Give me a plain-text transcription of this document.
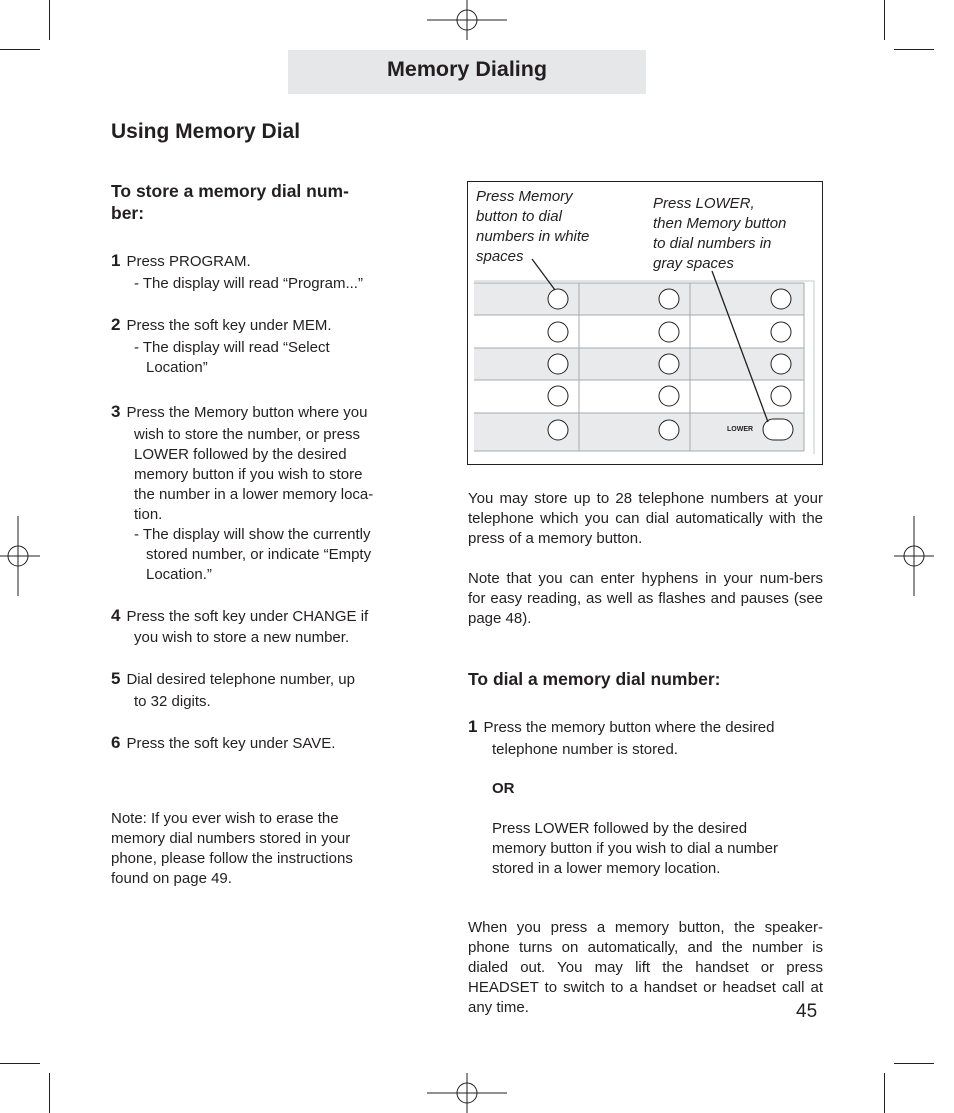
Memory Dialing
Using Memory Dial
To store a memory dial num-
ber:
1 Press PROGRAM.
- The display will read “Program...”
2 Press the soft key under MEM.
- The display will read “Select
Location”
3 Press the Memory button where you
wish to store the number, or press
LOWER followed by the desired
memory button if you wish to store
the number in a lower memory loca-
tion.
- The display will show the currently
stored number, or indicate “Empty
Location.”
4 Press the soft key under CHANGE if
you wish to store a new number.
5 Dial desired telephone number, up
to 32 digits.
6 Press the soft key under SAVE.
Note: If you ever wish to erase the
memory dial numbers stored in your
phone, please follow the instructions
found on page 49.
LOWER
Press Memory
button to dial
numbers in white
spaces
Press LOWER,
then Memory button
to dial numbers in
gray spaces
You may store up to 28 telephone numbers at your telephone which you can dial automatically with the press of a memory button.
Note that you can enter hyphens in your num-bers for easy reading, as well as flashes and pauses (see page 48).
To dial a memory dial number:
1 Press the memory button where the desired
telephone number is stored.
OR
Press LOWER followed by the desired
memory button if you wish to dial a number
stored in a lower memory location.
When you press a memory button, the speaker-phone turns on automatically, and the number is dialed out. You may lift the handset or press HEADSET to switch to a handset or headset call at any time.	45
